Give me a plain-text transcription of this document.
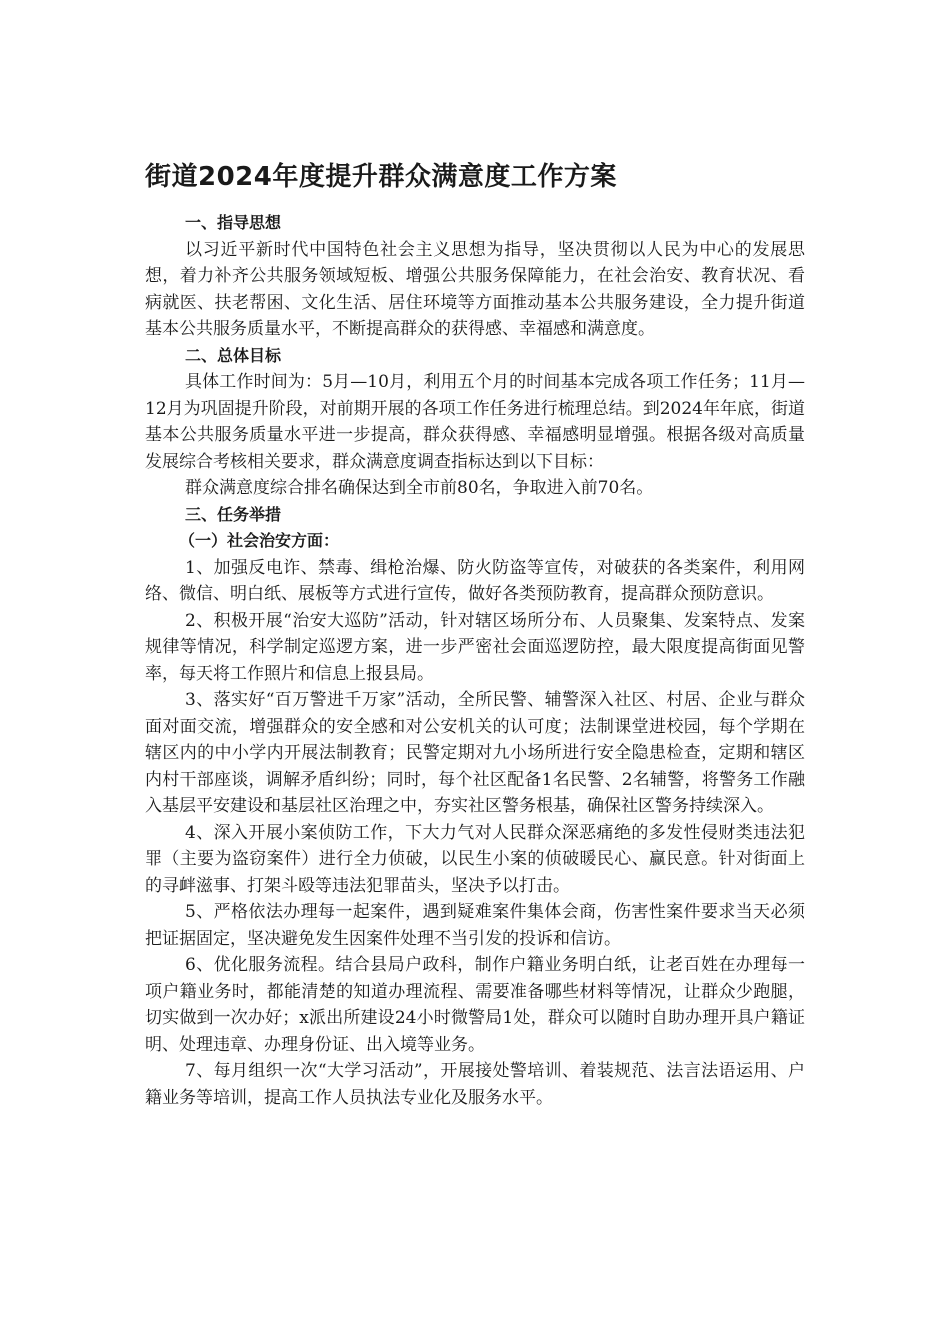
街道2024年度提升群众满意度工作方案

一、指导思想

以习近平新时代中国特色社会主义思想为指导，坚决贯彻以人民为中心的发展思想，着力补齐公共服务领域短板、增强公共服务保障能力，在社会治安、教育状况、看病就医、扶老帮困、文化生活、居住环境等方面推动基本公共服务建设，全力提升街道基本公共服务质量水平，不断提高群众的获得感、幸福感和满意度。

二、总体目标

具体工作时间为：5月—10月，利用五个月的时间基本完成各项工作任务；11月—12月为巩固提升阶段，对前期开展的各项工作任务进行梳理总结。到2024年年底，街道基本公共服务质量水平进一步提高，群众获得感、幸福感明显增强。根据各级对高质量发展综合考核相关要求，群众满意度调查指标达到以下目标：

群众满意度综合排名确保达到全市前80名，争取进入前70名。

三、任务举措

（一）社会治安方面：

1、加强反电诈、禁毒、缉枪治爆、防火防盗等宣传，对破获的各类案件，利用网络、微信、明白纸、展板等方式进行宣传，做好各类预防教育，提高群众预防意识。

2、积极开展“治安大巡防”活动，针对辖区场所分布、人员聚集、发案特点、发案规律等情况，科学制定巡逻方案，进一步严密社会面巡逻防控，最大限度提高街面见警率，每天将工作照片和信息上报县局。

3、落实好“百万警进千万家”活动，全所民警、辅警深入社区、村居、企业与群众面对面交流，增强群众的安全感和对公安机关的认可度；法制课堂进校园，每个学期在辖区内的中小学内开展法制教育；民警定期对九小场所进行安全隐患检查，定期和辖区内村干部座谈，调解矛盾纠纷；同时，每个社区配备1名民警、2名辅警，将警务工作融入基层平安建设和基层社区治理之中，夯实社区警务根基，确保社区警务持续深入。

4、深入开展小案侦防工作，下大力气对人民群众深恶痛绝的多发性侵财类违法犯罪（主要为盗窃案件）进行全力侦破，以民生小案的侦破暖民心、赢民意。针对街面上的寻衅滋事、打架斗殴等违法犯罪苗头，坚决予以打击。

5、严格依法办理每一起案件，遇到疑难案件集体会商，伤害性案件要求当天必须把证据固定，坚决避免发生因案件处理不当引发的投诉和信访。

6、优化服务流程。结合县局户政科，制作户籍业务明白纸，让老百姓在办理每一项户籍业务时，都能清楚的知道办理流程、需要准备哪些材料等情况，让群众少跑腿，切实做到一次办好；x派出所建设24小时微警局1处，群众可以随时自助办理开具户籍证明、处理违章、办理身份证、出入境等业务。

7、每月组织一次“大学习活动”，开展接处警培训、着装规范、法言法语运用、户籍业务等培训，提高工作人员执法专业化及服务水平。
